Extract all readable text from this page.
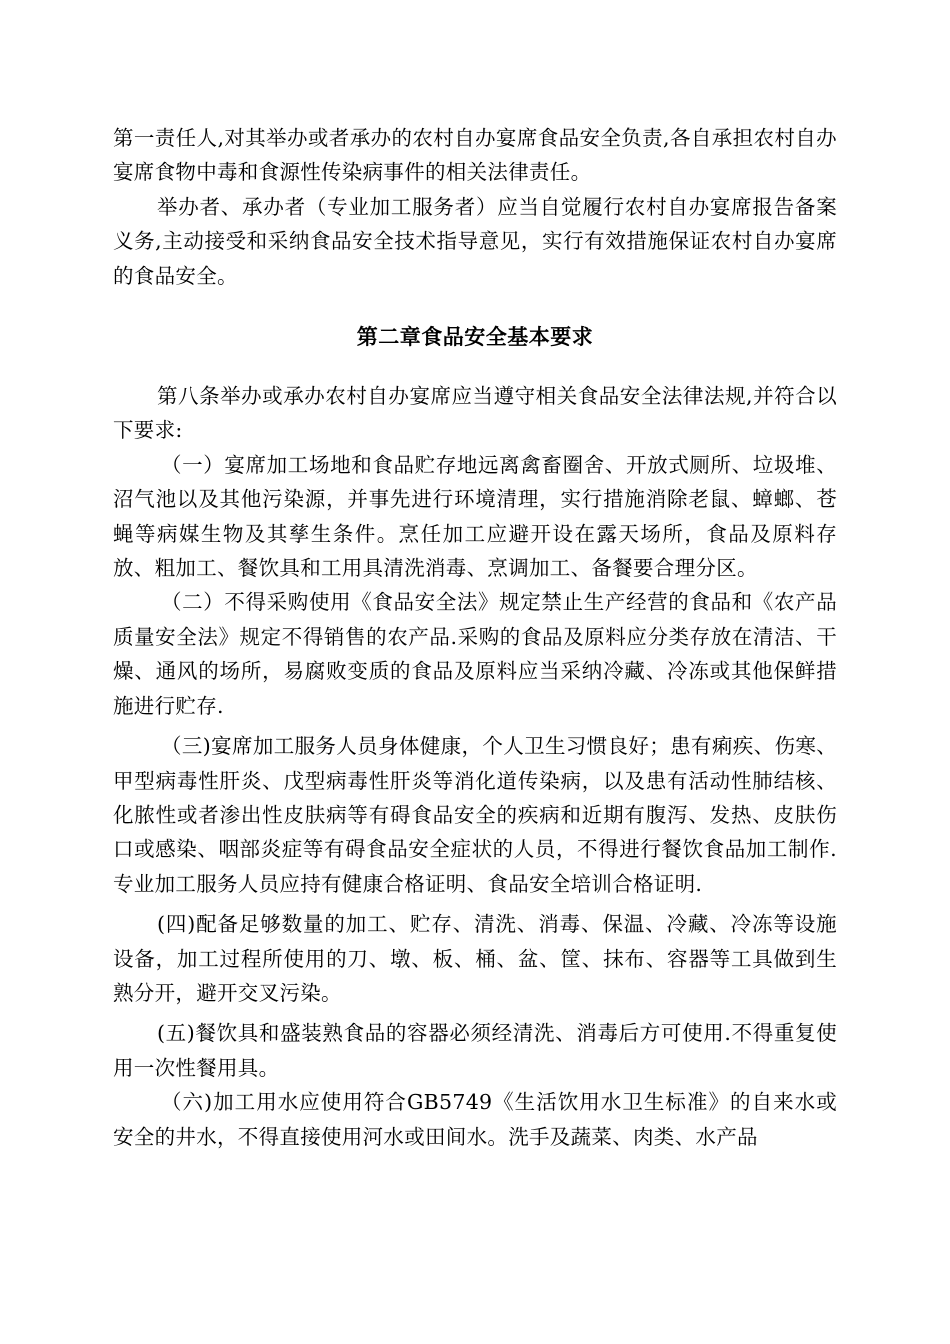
第一责任人,对其举办或者承办的农村自办宴席食品安全负责,各自承担农村自办宴席食物中毒和食源性传染病事件的相关法律责任。

举办者、承办者（专业加工服务者）应当自觉履行农村自办宴席报告备案义务,主动接受和采纳食品安全技术指导意见，实行有效措施保证农村自办宴席的食品安全。

第二章食品安全基本要求

第八条举办或承办农村自办宴席应当遵守相关食品安全法律法规,并符合以下要求:

（一）宴席加工场地和食品贮存地远离禽畜圈舍、开放式厕所、垃圾堆、沼气池以及其他污染源，并事先进行环境清理，实行措施消除老鼠、蟑螂、苍蝇等病媒生物及其孳生条件。烹任加工应避开设在露天场所，食品及原料存放、粗加工、餐饮具和工用具清洗消毒、烹调加工、备餐要合理分区。

（二）不得采购使用《食品安全法》规定禁止生产经营的食品和《农产品质量安全法》规定不得销售的农产品.采购的食品及原料应分类存放在清洁、干燥、通风的场所，易腐败变质的食品及原料应当采纳冷藏、冷冻或其他保鲜措施进行贮存.

（三)宴席加工服务人员身体健康，个人卫生习惯良好；患有痢疾、伤寒、甲型病毒性肝炎、戊型病毒性肝炎等消化道传染病，以及患有活动性肺结核、化脓性或者渗出性皮肤病等有碍食品安全的疾病和近期有腹泻、发热、皮肤伤口或感染、咽部炎症等有碍食品安全症状的人员，不得进行餐饮食品加工制作.专业加工服务人员应持有健康合格证明、食品安全培训合格证明.

(四)配备足够数量的加工、贮存、清洗、消毒、保温、冷藏、冷冻等设施设备，加工过程所使用的刀、墩、板、桶、盆、筐、抹布、容器等工具做到生熟分开，避开交叉污染。

(五)餐饮具和盛装熟食品的容器必须经清洗、消毒后方可使用.不得重复使用一次性餐用具。

（六)加工用水应使用符合GB5749《生活饮用水卫生标准》的自来水或安全的井水，不得直接使用河水或田间水。洗手及蔬菜、肉类、水产品
